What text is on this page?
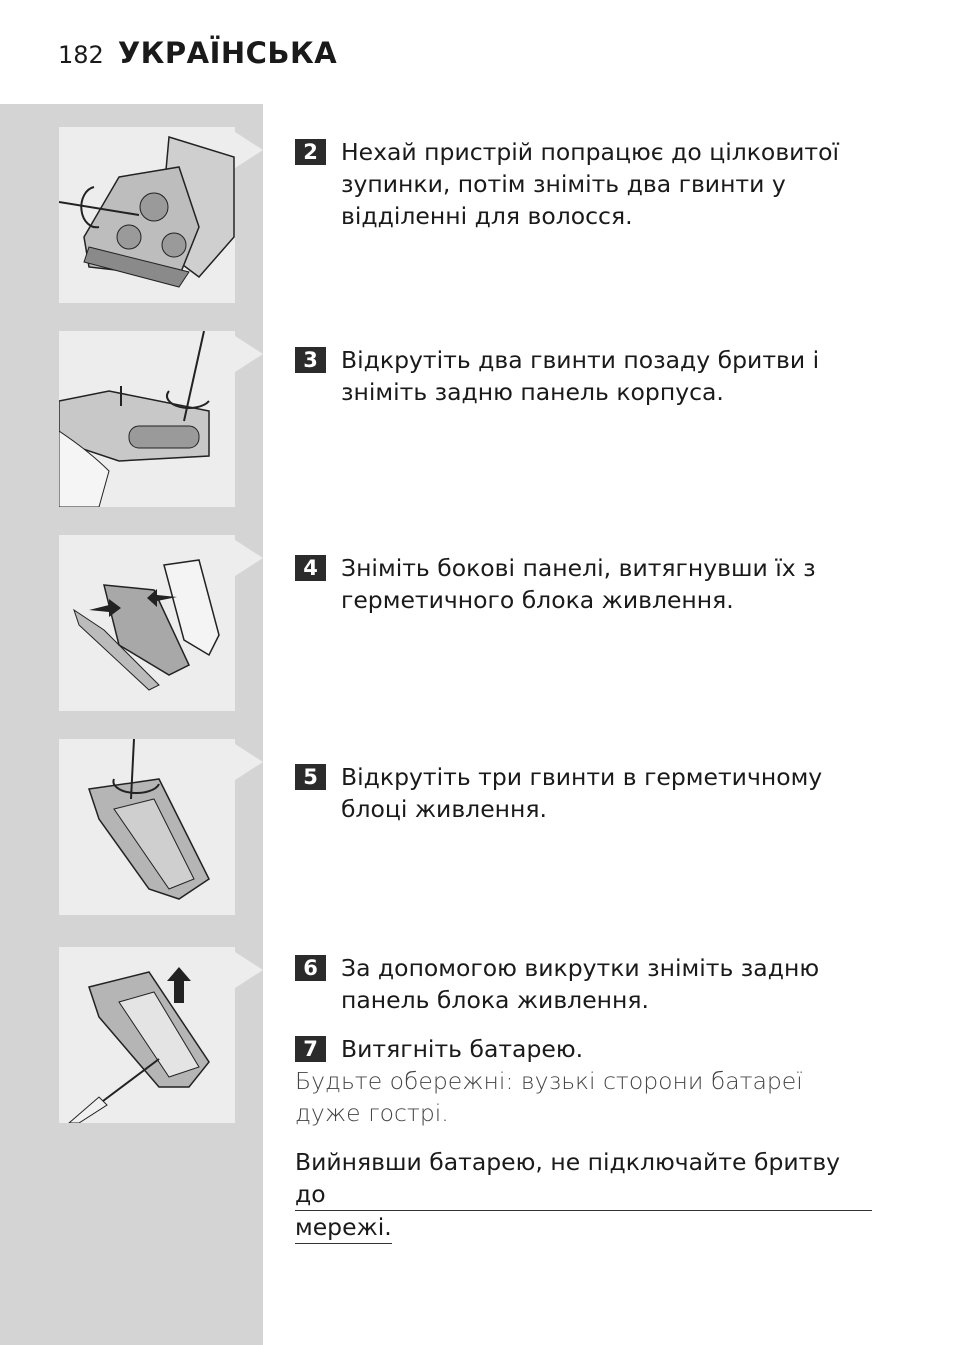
182 УКРАЇНСЬКА
2 Нехай пристрій попрацює до цілковитої зупинки, потім зніміть два гвинти у відділенні для волосся.
3 Відкрутіть два гвинти позаду бритви і зніміть задню панель корпуса.
4 Зніміть бокові панелі, витягнувши їх з герметичного блока живлення.
5 Відкрутіть три гвинти в герметичному блоці живлення.
6 За допомогою викрутки зніміть задню панель блока живлення.
7 Витягніть батарею.
Будьте обережні: вузькі сторони батареї дуже гострі.
Вийнявши батарею, не підключайте бритву до
мережі.
